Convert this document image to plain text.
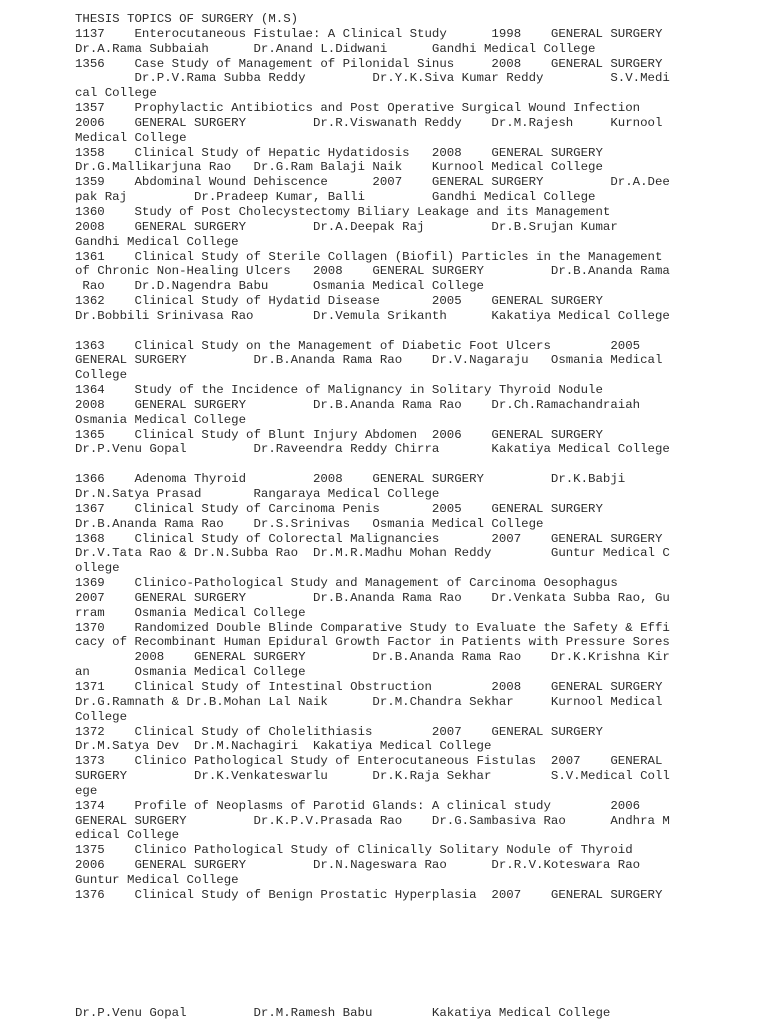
THESIS TOPICS OF SURGERY (M.S)
1137    Enterocutaneous Fistulae: A Clinical Study      1998    GENERAL SURGERY
Dr.A.Rama Subbaiah      Dr.Anand L.Didwani      Gandhi Medical College
1356    Case Study of Management of Pilonidal Sinus     2008    GENERAL SURGERY
Dr.P.V.Rama Subba Reddy         Dr.Y.K.Siva Kumar Reddy         S.V.Medi
cal College
1357    Prophylactic Antibiotics and Post Operative Surgical Wound Infection
2006    GENERAL SURGERY         Dr.R.Viswanath Reddy    Dr.M.Rajesh     Kurnool
Medical College
1358    Clinical Study of Hepatic Hydatidosis   2008    GENERAL SURGERY
Dr.G.Mallikarjuna Rao   Dr.G.Ram Balaji Naik    Kurnool Medical College
1359    Abdominal Wound Dehiscence      2007    GENERAL SURGERY         Dr.A.Dee
pak Raj         Dr.Pradeep Kumar, Balli         Gandhi Medical College
1360    Study of Post Cholecystectomy Biliary Leakage and its Management
2008    GENERAL SURGERY         Dr.A.Deepak Raj         Dr.B.Srujan Kumar
Gandhi Medical College
1361    Clinical Study of Sterile Collagen (Biofil) Particles in the Management
of Chronic Non-Healing Ulcers   2008    GENERAL SURGERY         Dr.B.Ananda Rama
Rao    Dr.D.Nagendra Babu      Osmania Medical College
1362    Clinical Study of Hydatid Disease       2005    GENERAL SURGERY
Dr.Bobbili Srinivasa Rao        Dr.Vemula Srikanth      Kakatiya Medical College
1363    Clinical Study on the Management of Diabetic Foot Ulcers        2005
GENERAL SURGERY         Dr.B.Ananda Rama Rao    Dr.V.Nagaraju   Osmania Medical
College
1364    Study of the Incidence of Malignancy in Solitary Thyroid Nodule
2008    GENERAL SURGERY         Dr.B.Ananda Rama Rao    Dr.Ch.Ramachandraiah
Osmania Medical College
1365    Clinical Study of Blunt Injury Abdomen  2006    GENERAL SURGERY
Dr.P.Venu Gopal         Dr.Raveendra Reddy Chirra       Kakatiya Medical College
1366    Adenoma Thyroid         2008    GENERAL SURGERY         Dr.K.Babji
Dr.N.Satya Prasad       Rangaraya Medical College
1367    Clinical Study of Carcinoma Penis       2005    GENERAL SURGERY
Dr.B.Ananda Rama Rao    Dr.S.Srinivas   Osmania Medical College
1368    Clinical Study of Colorectal Malignancies       2007    GENERAL SURGERY
Dr.V.Tata Rao & Dr.N.Subba Rao  Dr.M.R.Madhu Mohan Reddy        Guntur Medical C
ollege
1369    Clinico-Pathological Study and Management of Carcinoma Oesophagus
2007    GENERAL SURGERY         Dr.B.Ananda Rama Rao    Dr.Venkata Subba Rao, Gu
rram    Osmania Medical College
1370    Randomized Double Blinde Comparative Study to Evaluate the Safety & Effi
cacy of Recombinant Human Epidural Growth Factor in Patients with Pressure Sores
2008    GENERAL SURGERY         Dr.B.Ananda Rama Rao    Dr.K.Krishna Kir
an      Osmania Medical College
1371    Clinical Study of Intestinal Obstruction        2008    GENERAL SURGERY
Dr.G.Ramnath & Dr.B.Mohan Lal Naik      Dr.M.Chandra Sekhar     Kurnool Medical
College
1372    Clinical Study of Cholelithiasis        2007    GENERAL SURGERY
Dr.M.Satya Dev  Dr.M.Nachagiri  Kakatiya Medical College
1373    Clinico Pathological Study of Enterocutaneous Fistulas  2007    GENERAL
SURGERY         Dr.K.Venkateswarlu      Dr.K.Raja Sekhar        S.V.Medical Coll
ege
1374    Profile of Neoplasms of Parotid Glands: A clinical study        2006
GENERAL SURGERY         Dr.K.P.V.Prasada Rao    Dr.G.Sambasiva Rao      Andhra M
edical College
1375    Clinico Pathological Study of Clinically Solitary Nodule of Thyroid
2006    GENERAL SURGERY         Dr.N.Nageswara Rao      Dr.R.V.Koteswara Rao
Guntur Medical College
1376    Clinical Study of Benign Prostatic Hyperplasia  2007    GENERAL SURGERY
Dr.P.Venu Gopal         Dr.M.Ramesh Babu        Kakatiya Medical College
